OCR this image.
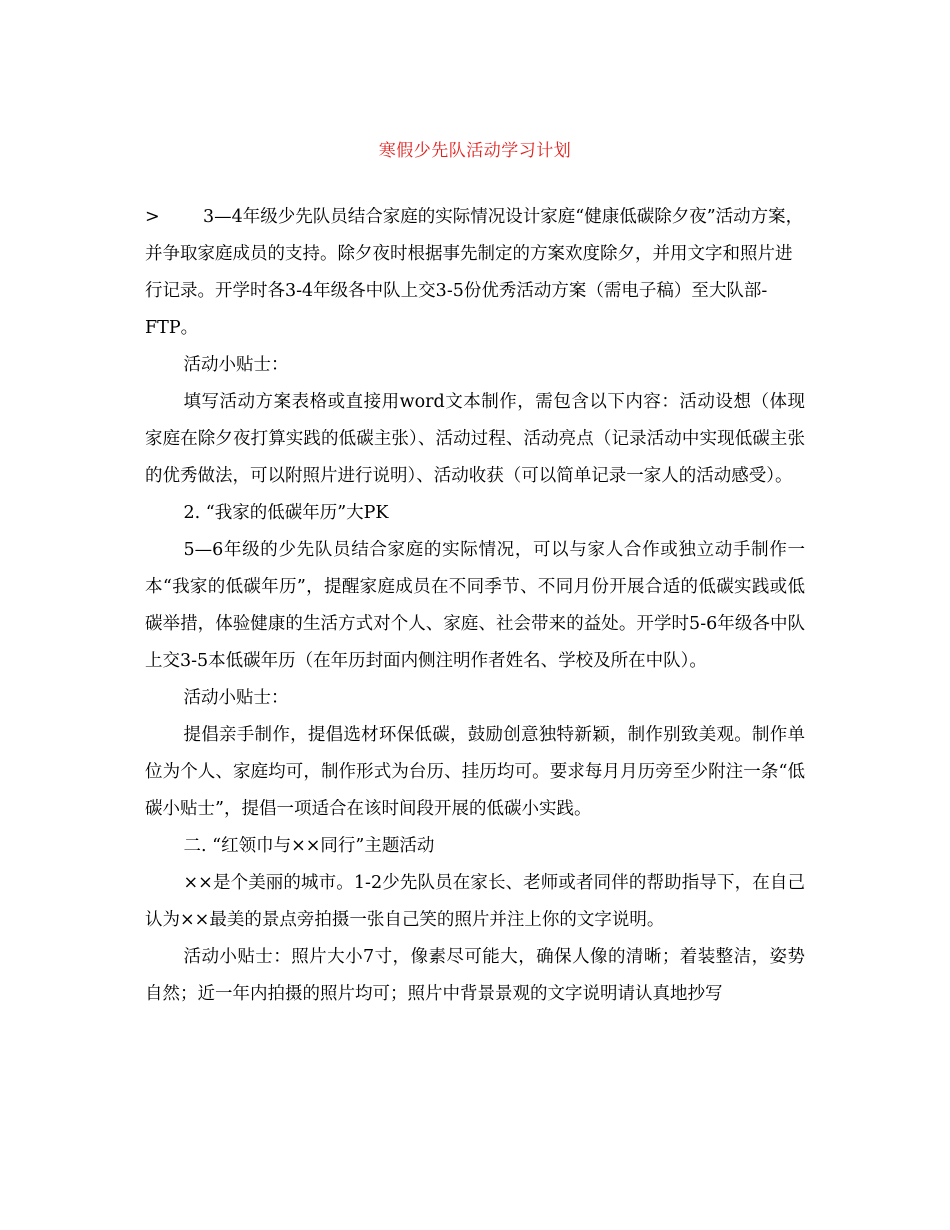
寒假少先队活动学习计划

> 3—4年级少先队员结合家庭的实际情况设计家庭“健康低碳除夕夜”活动方案，并争取家庭成员的支持。除夕夜时根据事先制定的方案欢度除夕，并用文字和照片进行记录。开学时各3-4年级各中队上交3-5份优秀活动方案（需电子稿）至大队部-FTP。

活动小贴士：

填写活动方案表格或直接用word文本制作，需包含以下内容：活动设想（体现家庭在除夕夜打算实践的低碳主张）、活动过程、活动亮点（记录活动中实现低碳主张的优秀做法，可以附照片进行说明）、活动收获（可以简单记录一家人的活动感受）。

2. “我家的低碳年历”大PK

5—6年级的少先队员结合家庭的实际情况，可以与家人合作或独立动手制作一本“我家的低碳年历”，提醒家庭成员在不同季节、不同月份开展合适的低碳实践或低碳举措，体验健康的生活方式对个人、家庭、社会带来的益处。开学时5-6年级各中队上交3-5本低碳年历（在年历封面内侧注明作者姓名、学校及所在中队）。

活动小贴士：

提倡亲手制作，提倡选材环保低碳，鼓励创意独特新颖，制作别致美观。制作单位为个人、家庭均可，制作形式为台历、挂历均可。要求每月月历旁至少附注一条“低碳小贴士”，提倡一项适合在该时间段开展的低碳小实践。

二. “红领巾与××同行”主题活动

××是个美丽的城市。1-2少先队员在家长、老师或者同伴的帮助指导下，在自己认为××最美的景点旁拍摄一张自己笑的照片并注上你的文字说明。

活动小贴士：照片大小7寸，像素尽可能大，确保人像的清晰；着装整洁，姿势自然；近一年内拍摄的照片均可；照片中背景景观的文字说明请认真地抄写
